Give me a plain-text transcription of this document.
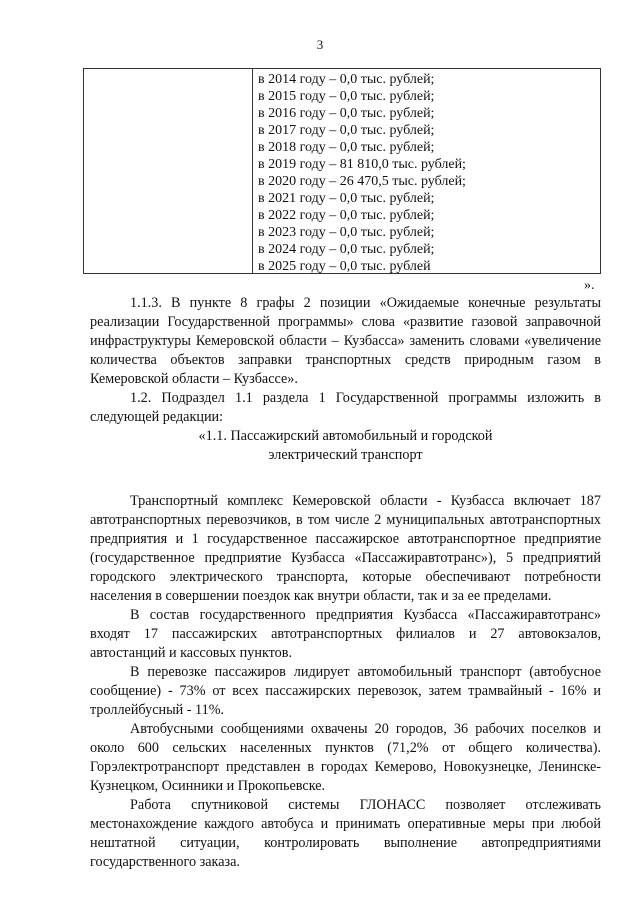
3
в 2014 году – 0,0 тыс. рублей;
в 2015 году – 0,0 тыс. рублей;
в 2016 году – 0,0 тыс. рублей;
в 2017 году – 0,0 тыс. рублей;
в 2018 году – 0,0 тыс. рублей;
в 2019 году – 81 810,0 тыс. рублей;
в 2020 году – 26 470,5 тыс. рублей;
в 2021 году – 0,0 тыс. рублей;
в 2022 году – 0,0 тыс. рублей;
в 2023 году – 0,0 тыс. рублей;
в 2024 году – 0,0 тыс. рублей;
в 2025 году – 0,0 тыс. рублей
».

1.1.3. В пункте 8 графы 2 позиции «Ожидаемые конечные результаты реализации Государственной программы» слова «развитие газовой заправочной инфраструктуры Кемеровской области – Кузбасса» заменить словами «увеличение количества объектов заправки транспортных средств природным газом в Кемеровской области – Кузбассе».

1.2. Подраздел 1.1 раздела 1 Государственной программы изложить в следующей редакции:

«1.1. Пассажирский автомобильный и городской

электрический транспорт

Транспортный комплекс Кемеровской области - Кузбасса включает 187 автотранспортных перевозчиков, в том числе 2 муниципальных автотранспортных предприятия и 1 государственное пассажирское автотранспортное предприятие (государственное предприятие Кузбасса «Пассажиравтотранс»), 5 предприятий городского электрического транспорта, которые обеспечивают потребности населения в совершении поездок как внутри области, так и за ее пределами.

В состав государственного предприятия Кузбасса «Пассажиравтотранс» входят 17 пассажирских автотранспортных филиалов и 27 автовокзалов, автостанций и кассовых пунктов.

В перевозке пассажиров лидирует автомобильный транспорт (автобусное сообщение) - 73% от всех пассажирских перевозок, затем трамвайный - 16% и троллейбусный - 11%.

Автобусными сообщениями охвачены 20 городов, 36 рабочих поселков и около 600 сельских населенных пунктов (71,2% от общего количества). Горэлектротранспорт представлен в городах Кемерово, Новокузнецке, Ленинске-Кузнецком, Осинники и Прокопьевске.

Работа спутниковой системы ГЛОНАСС позволяет отслеживать местонахождение каждого автобуса и принимать оперативные меры при любой нештатной ситуации, контролировать выполнение автопредприятиями государственного заказа.
